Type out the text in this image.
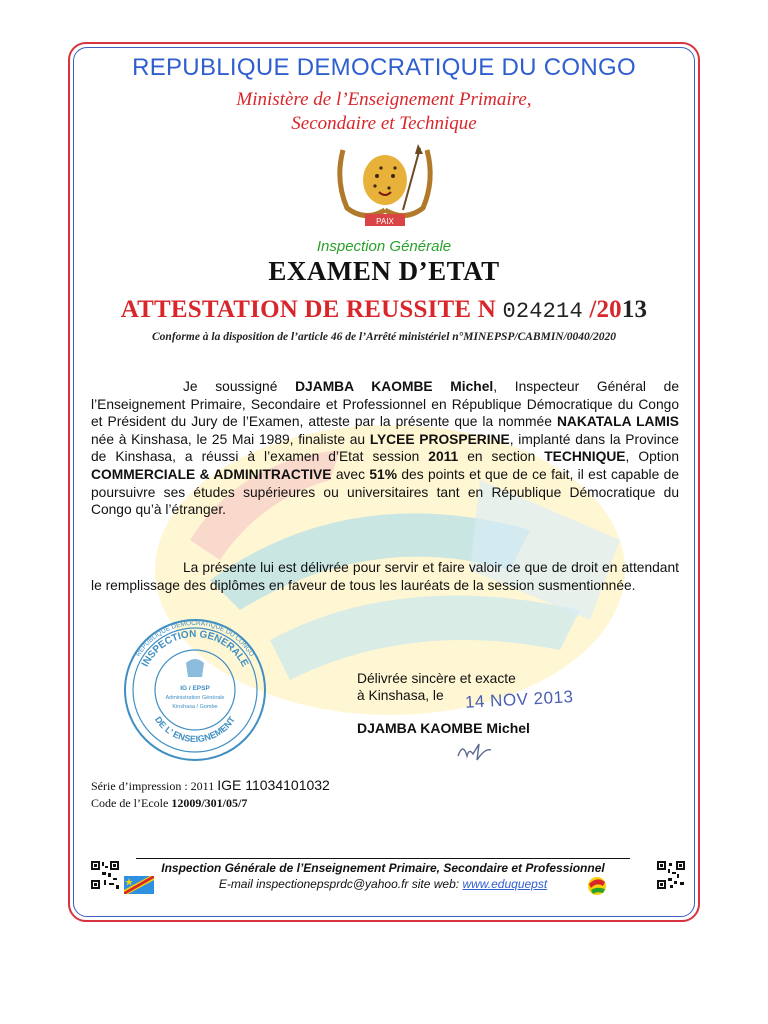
REPUBLIQUE DEMOCRATIQUE DU CONGO
Ministère de l’Enseignement Primaire,
Secondaire et Technique
PAIX
Inspection Générale
EXAMEN D’ETAT
ATTESTATION DE REUSSITE N 024214 /2013
Conforme à la disposition de l’article 46 de l’Arrêté ministériel n°MINEPSP/CABMIN/0040/2020
Je soussigné DJAMBA KAOMBE Michel, Inspecteur Général de l’Enseignement Primaire, Secondaire et Professionnel en République Démocratique du Congo et Président du Jury de l’Examen, atteste par la présente que la nommée NAKATALA LAMIS née à Kinshasa, le 25 Mai 1989, finaliste au LYCEE PROSPERINE, implanté dans la Province de Kinshasa, a réussi à l’examen d’Etat session 2011 en section TECHNIQUE, Option COMMERCIALE & ADMINITRACTIVE avec 51% des points et que de ce fait, il est capable de poursuivre ses études supérieures ou universitaires tant en République Démocratique du Congo qu’à l’étranger.
La présente lui est délivrée pour servir et faire valoir ce que de droit en attendant le remplissage des diplômes en faveur de tous les lauréats de la session susmentionnée.
REPUBLIQUE DEMOCRATIQUE DU CONGO
INSPECTION GENERALE
DE L’ ENSEIGNEMENT
IG / EPSP
Administration Générale
Kinshasa / Gombe
Délivrée sincère et exacte
à Kinshasa, le	14 NOV 2013
DJAMBA KAOMBE Michel
DK
Série d’impression : 2011 IGE 11034101032
Code de l’Ecole 12009/301/05/7
Inspection Générale de l’Enseignement Primaire, Secondaire et Professionnel
E-mail inspectionepsprdc@yahoo.fr site web: www.eduquepst
